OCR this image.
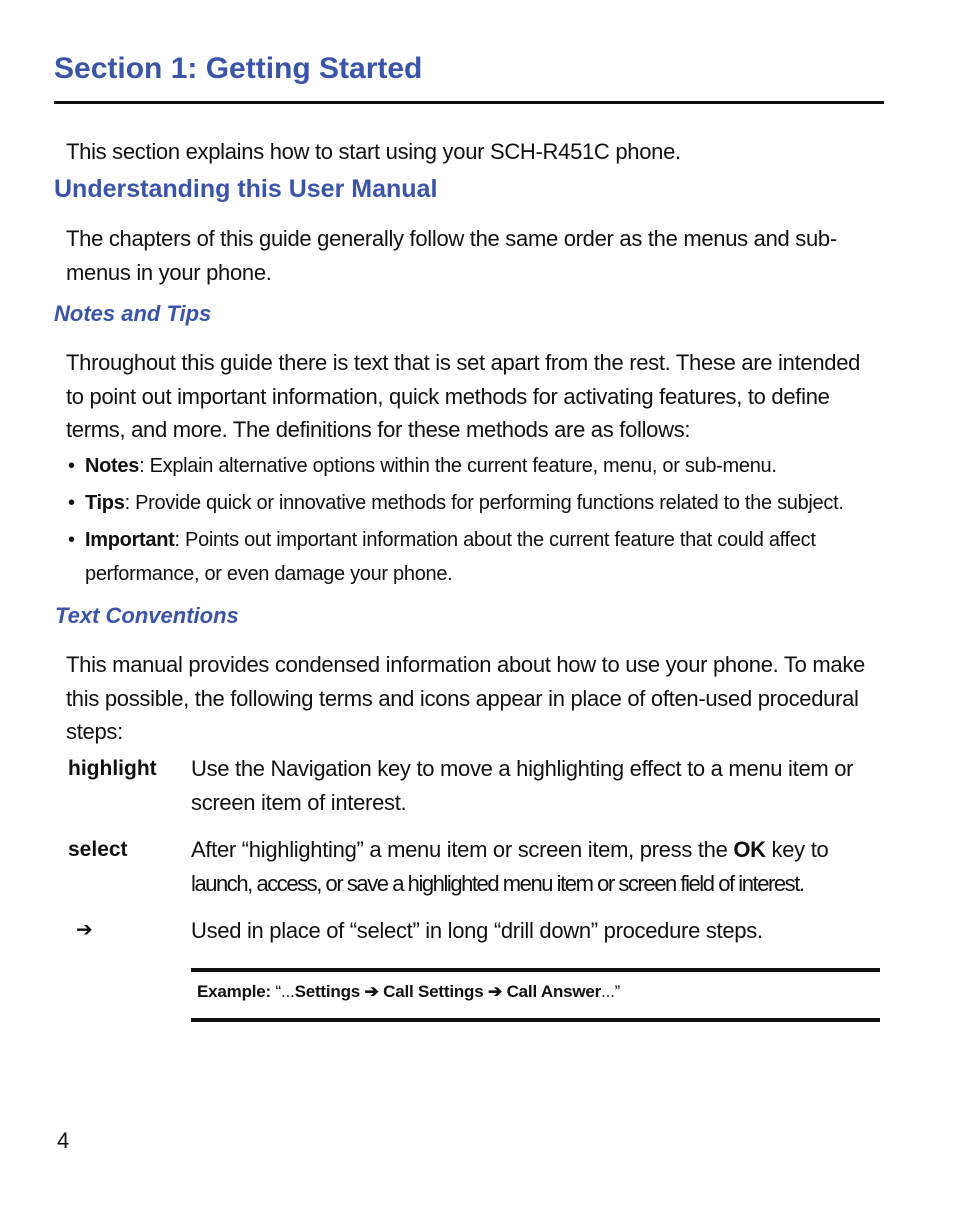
Section 1: Getting Started

This section explains how to start using your SCH-R451C phone.

Understanding this User Manual
The chapters of this guide generally follow the same order as the menus and sub-
menus in your phone.
Notes and Tips

Throughout this guide there is text that is set apart from the rest. These are intended to point out important information, quick methods for activating features, to define terms, and more. The definitions for these methods are as follows:

• Notes: Explain alternative options within the current feature, menu, or sub-menu.
• Tips: Provide quick or innovative methods for performing functions related to the subject.
• Important: Points out important information about the current feature that could affect performance, or even damage your phone.
Text Conventions

This manual provides condensed information about how to use your phone. To make this possible, the following terms and icons appear in place of often-used procedural steps:

highlight Use the Navigation key to move a highlighting effect to a menu item or screen item of interest.
select	After “highlighting” a menu item or screen item, press the OK key to
launch, access, or save a highlighted menu item or screen field of interest.
➔	Used in place of “select” in long “drill down” procedure steps.
Example: “...Settings ➔ Call Settings ➔ Call Answer...”
4
